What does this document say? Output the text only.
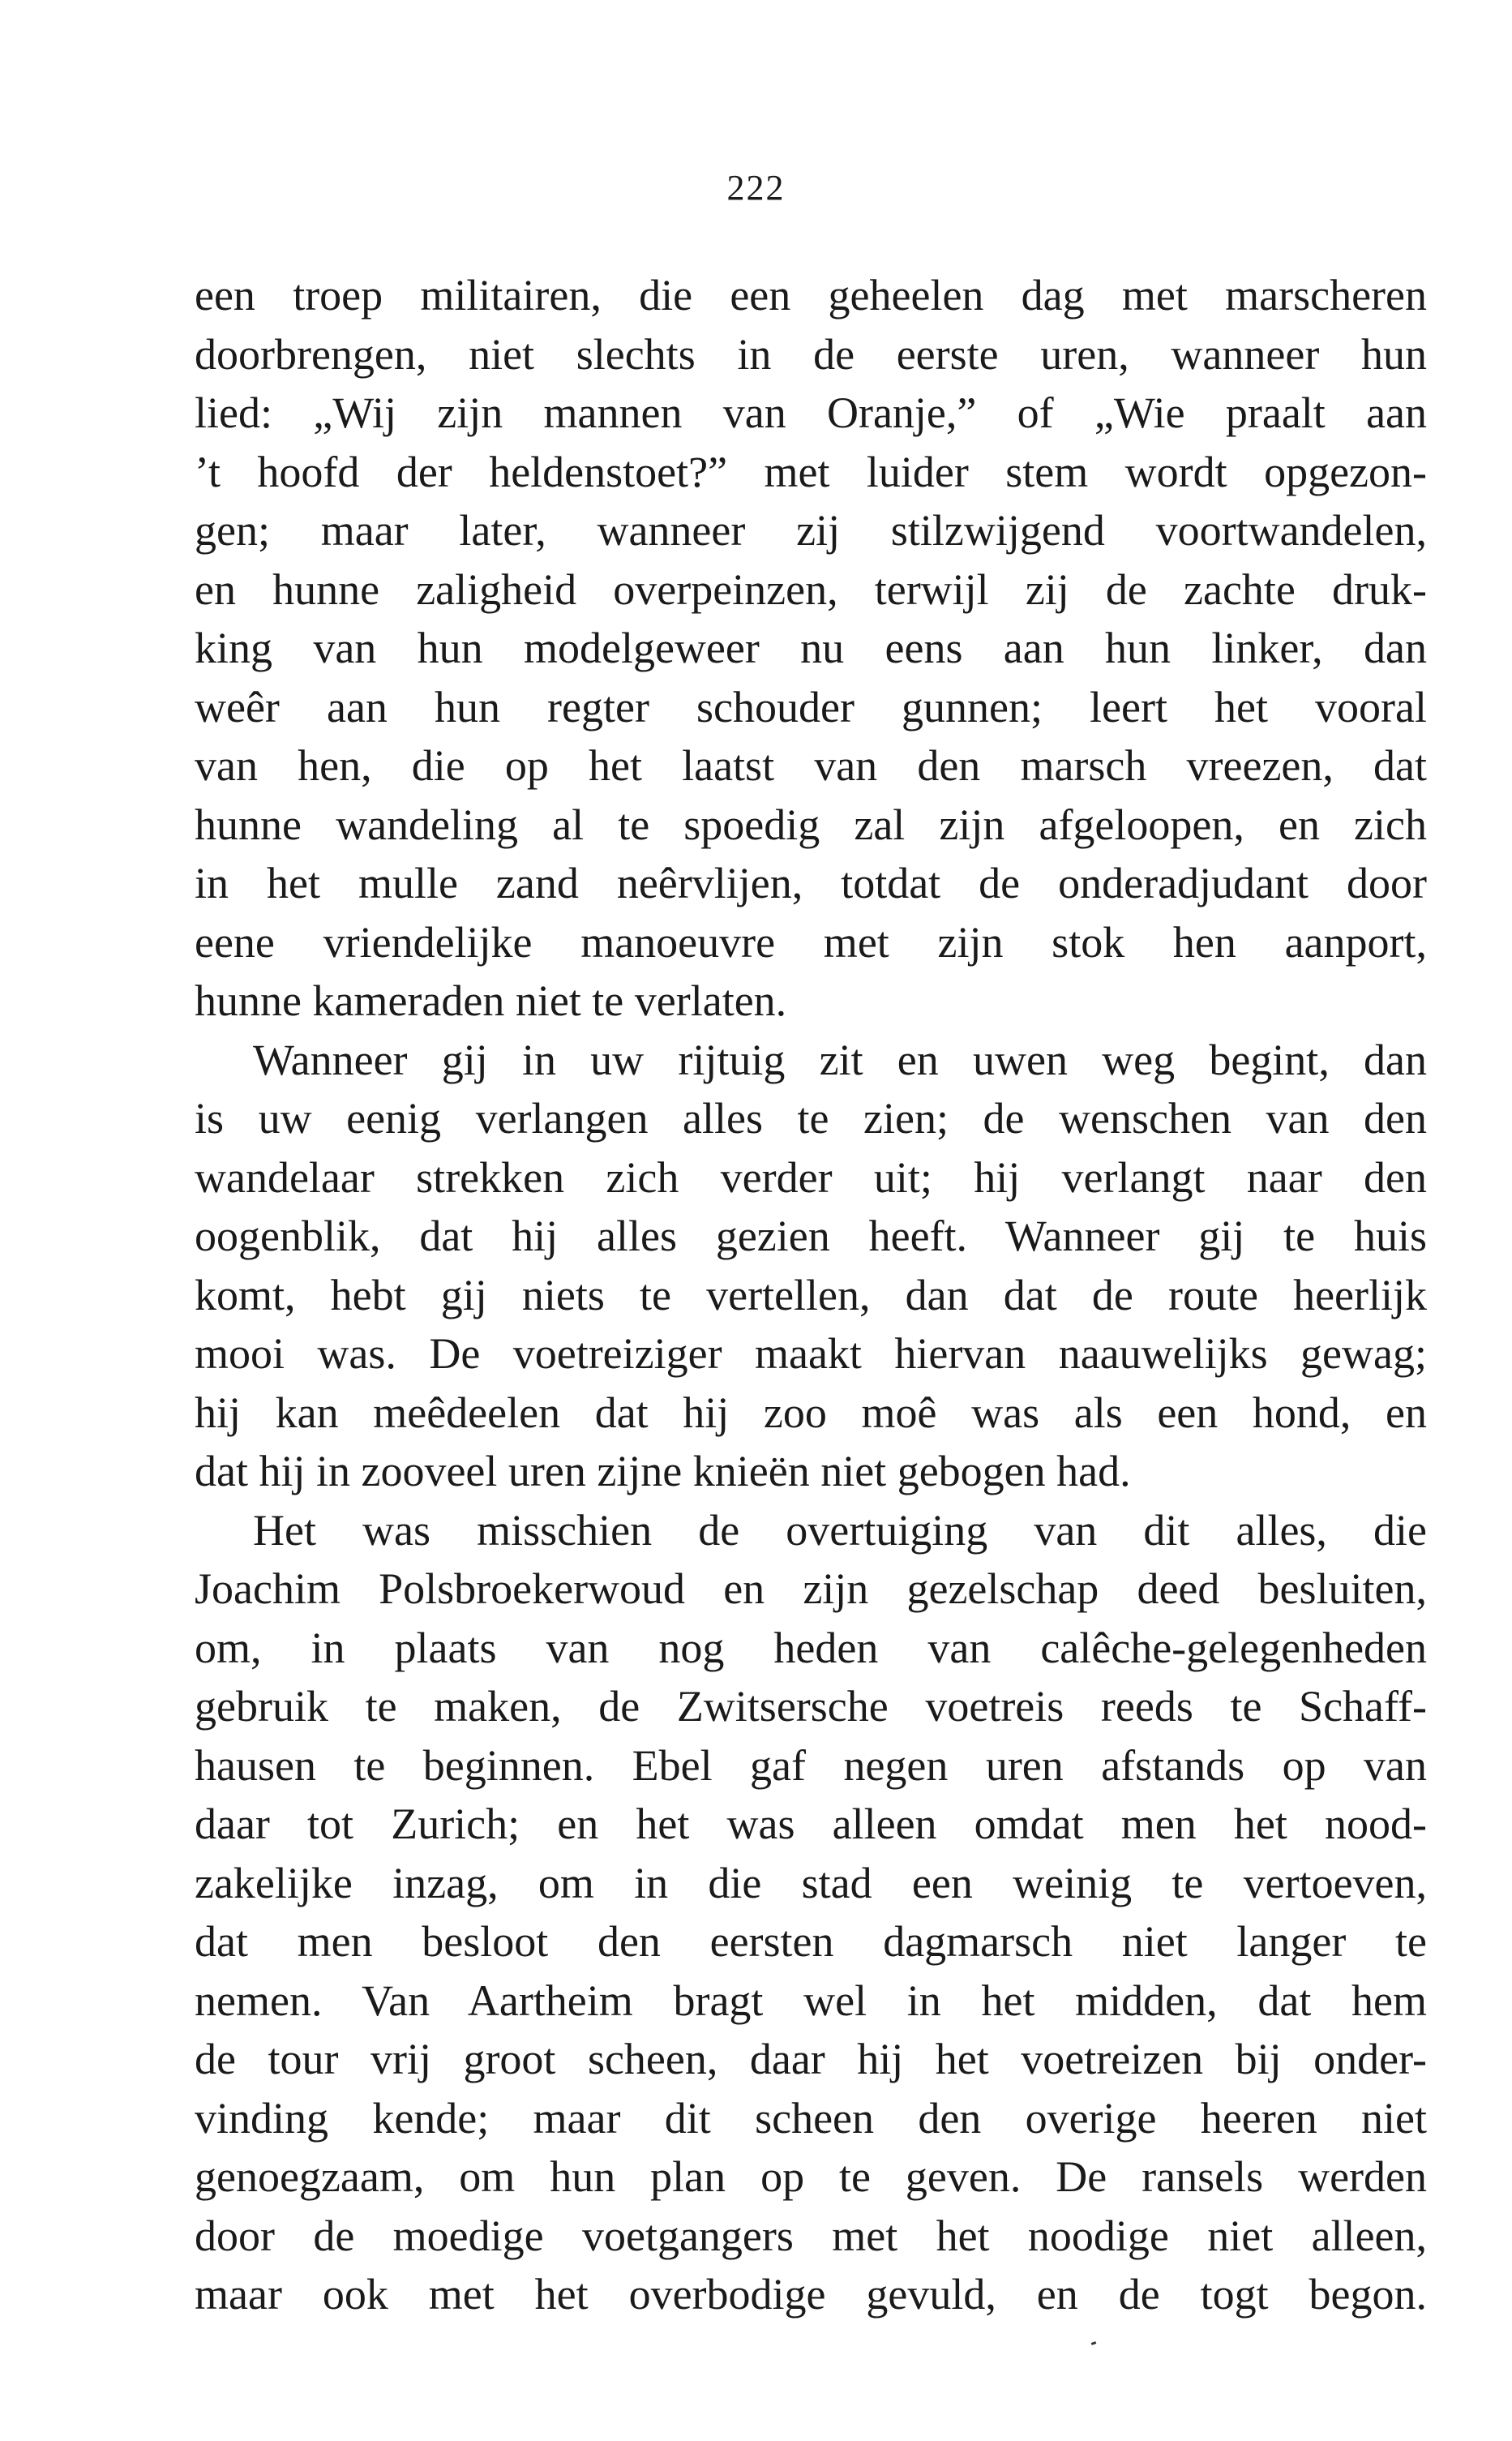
222
een troep militairen, die een geheelen dag met marscheren
doorbrengen, niet slechts in de eerste uren, wanneer hun
lied: „Wij zijn mannen van Oranje,” of „Wie praalt aan
’t hoofd der heldenstoet?” met luider stem wordt opgezon-
gen; maar later, wanneer zij stilzwijgend voortwandelen,
en hunne zaligheid overpeinzen, terwijl zij de zachte druk-
king van hun modelgeweer nu eens aan hun linker, dan
weêr aan hun regter schouder gunnen; leert het vooral
van hen, die op het laatst van den marsch vreezen, dat
hunne wandeling al te spoedig zal zijn afgeloopen, en zich
in het mulle zand neêrvlijen, totdat de onderadjudant door
eene vriendelijke manoeuvre met zijn stok hen aanport,
hunne kameraden niet te verlaten.
Wanneer gij in uw rijtuig zit en uwen weg begint, dan
is uw eenig verlangen alles te zien; de wenschen van den
wandelaar strekken zich verder uit; hij verlangt naar den
oogenblik, dat hij alles gezien heeft. Wanneer gij te huis
komt, hebt gij niets te vertellen, dan dat de route heerlijk
mooi was. De voetreiziger maakt hiervan naauwelijks gewag;
hij kan meêdeelen dat hij zoo moê was als een hond, en
dat hij in zooveel uren zijne knieën niet gebogen had.
Het was misschien de overtuiging van dit alles, die
Joachim Polsbroekerwoud en zijn gezelschap deed besluiten,
om, in plaats van nog heden van calêche-gelegenheden
gebruik te maken, de Zwitsersche voetreis reeds te Schaff-
hausen te beginnen. Ebel gaf negen uren afstands op van
daar tot Zurich; en het was alleen omdat men het nood-
zakelijke inzag, om in die stad een weinig te vertoeven,
dat men besloot den eersten dagmarsch niet langer te
nemen. Van Aartheim bragt wel in het midden, dat hem
de tour vrij groot scheen, daar hij het voetreizen bij onder-
vinding kende; maar dit scheen den overige heeren niet
genoegzaam, om hun plan op te geven. De ransels werden
door de moedige voetgangers met het noodige niet alleen,
maar ook met het overbodige gevuld, en de togt begon.
